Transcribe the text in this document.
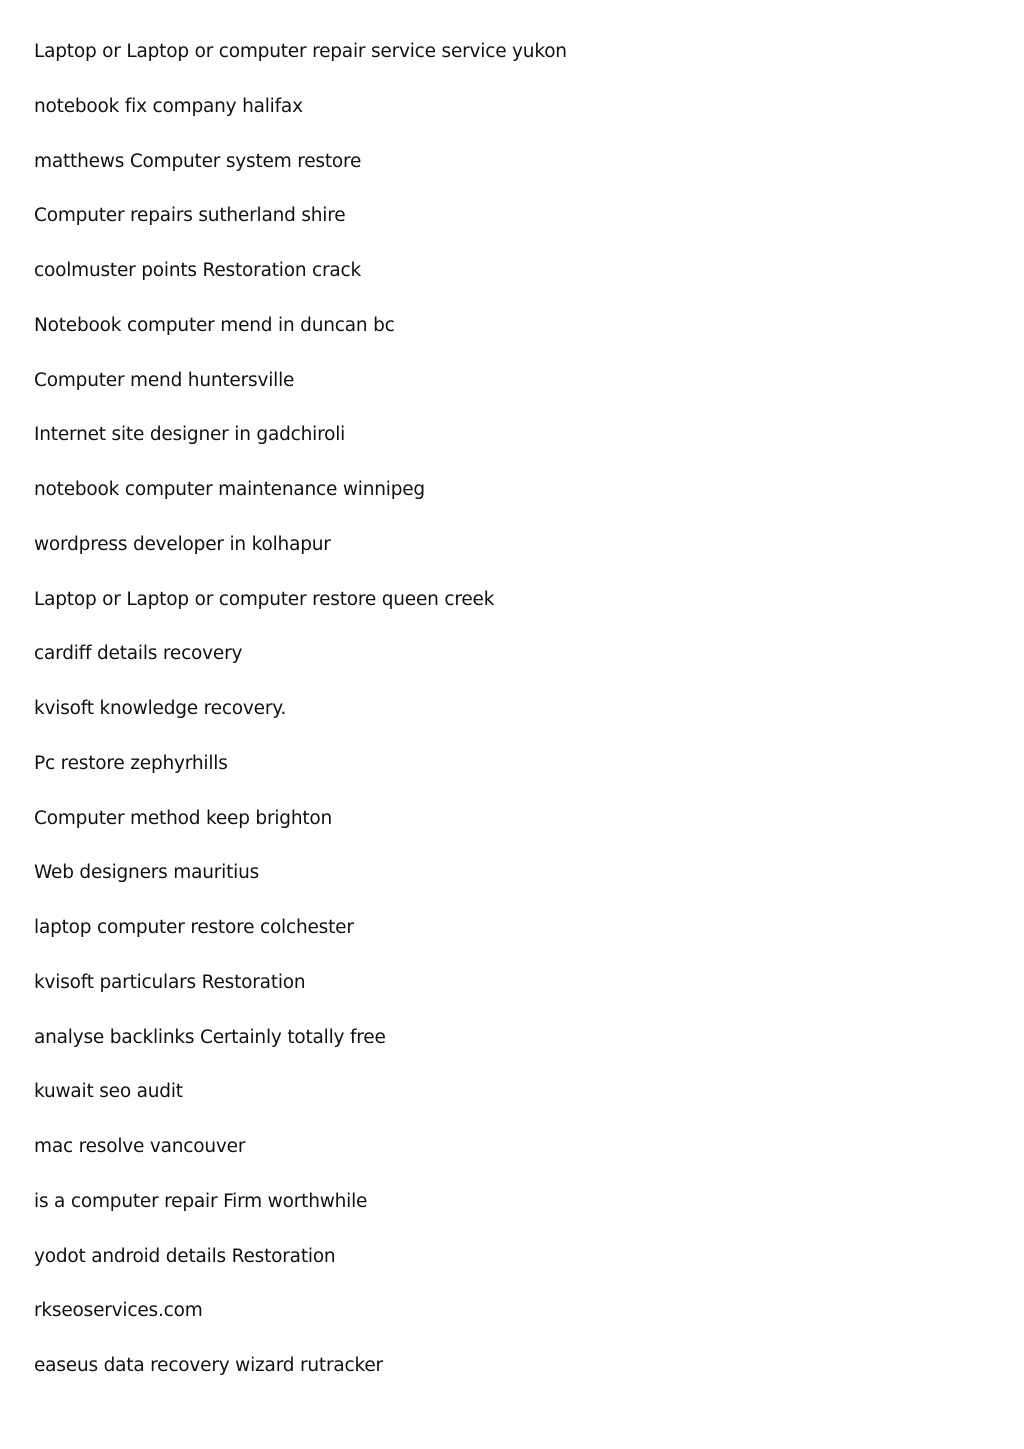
Laptop or Laptop or computer repair service service yukon
notebook fix company halifax
matthews Computer system restore
Computer repairs sutherland shire
coolmuster points Restoration crack
Notebook computer mend in duncan bc
Computer mend huntersville
Internet site designer in gadchiroli
notebook computer maintenance winnipeg
wordpress developer in kolhapur
Laptop or Laptop or computer restore queen creek
cardiff details recovery
kvisoft knowledge recovery.
Pc restore zephyrhills
Computer method keep brighton
Web designers mauritius
laptop computer restore colchester
kvisoft particulars Restoration
analyse backlinks Certainly totally free
kuwait seo audit
mac resolve vancouver
is a computer repair Firm worthwhile
yodot android details Restoration
rkseoservices.com
easeus data recovery wizard rutracker
